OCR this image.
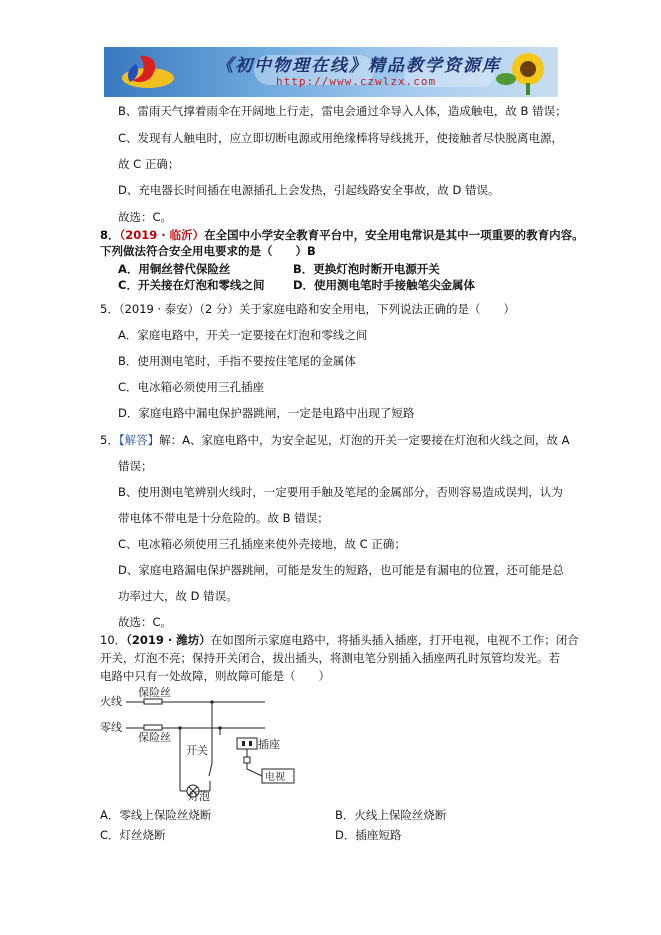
《初中物理在线》精品教学资源库
http://www.czwlzx.com
B、雷雨天气撑着雨伞在开阔地上行走，雷电会通过伞导入人体，造成触电，故 B 错误；
C、发现有人触电时，应立即切断电源或用绝缘棒将导线挑开，使接触者尽快脱离电源，
故 C 正确；
D、充电器长时间插在电源插孔上会发热，引起线路安全事故，故 D 错误。
故选：C。
8．（2019 · 临沂）在全国中小学安全教育平台中，安全用电常识是其中一项重要的教育内容。
下列做法符合安全用电要求的是（　　）B
A．用铜丝替代保险丝	B．更换灯泡时断开电源开关
C．开关接在灯泡和零线之间 D．使用测电笔时手接触笔尖金属体
5．（2019 · 泰安）（2 分）关于家庭电路和安全用电，下列说法正确的是（　　）
A．家庭电路中，开关一定要接在灯泡和零线之间
B．使用测电笔时，手指不要按住笔尾的金属体
C．电冰箱必须使用三孔插座
D．家庭电路中漏电保护器跳闸，一定是电路中出现了短路
5．【解答】解：A、家庭电路中，为安全起见，灯泡的开关一定要接在灯泡和火线之间，故 A
错误；
B、使用测电笔辨别火线时，一定要用手触及笔尾的金属部分，否则容易造成误判，认为
带电体不带电是十分危险的。故 B 错误；
C、电冰箱必须使用三孔插座来使外壳接地，故 C 正确；
D、家庭电路漏电保护器跳闸，可能是发生的短路，也可能是有漏电的位置，还可能是总
功率过大，故 D 错误。
故选：C。
10．（2019 · 潍坊）在如图所示家庭电路中，将插头插入插座，打开电视，电视不工作；闭合
开关，灯泡不亮；保持开关闭合，拔出插头，将测电笔分别插入插座两孔时氖管均发光。若
电路中只有一处故障，则故障可能是（　　）
火线
零线
保险丝
保险丝
开关	插座
灯泡
电视
A．零线上保险丝烧断	B．火线上保险丝烧断
C．灯丝烧断	D．插座短路
